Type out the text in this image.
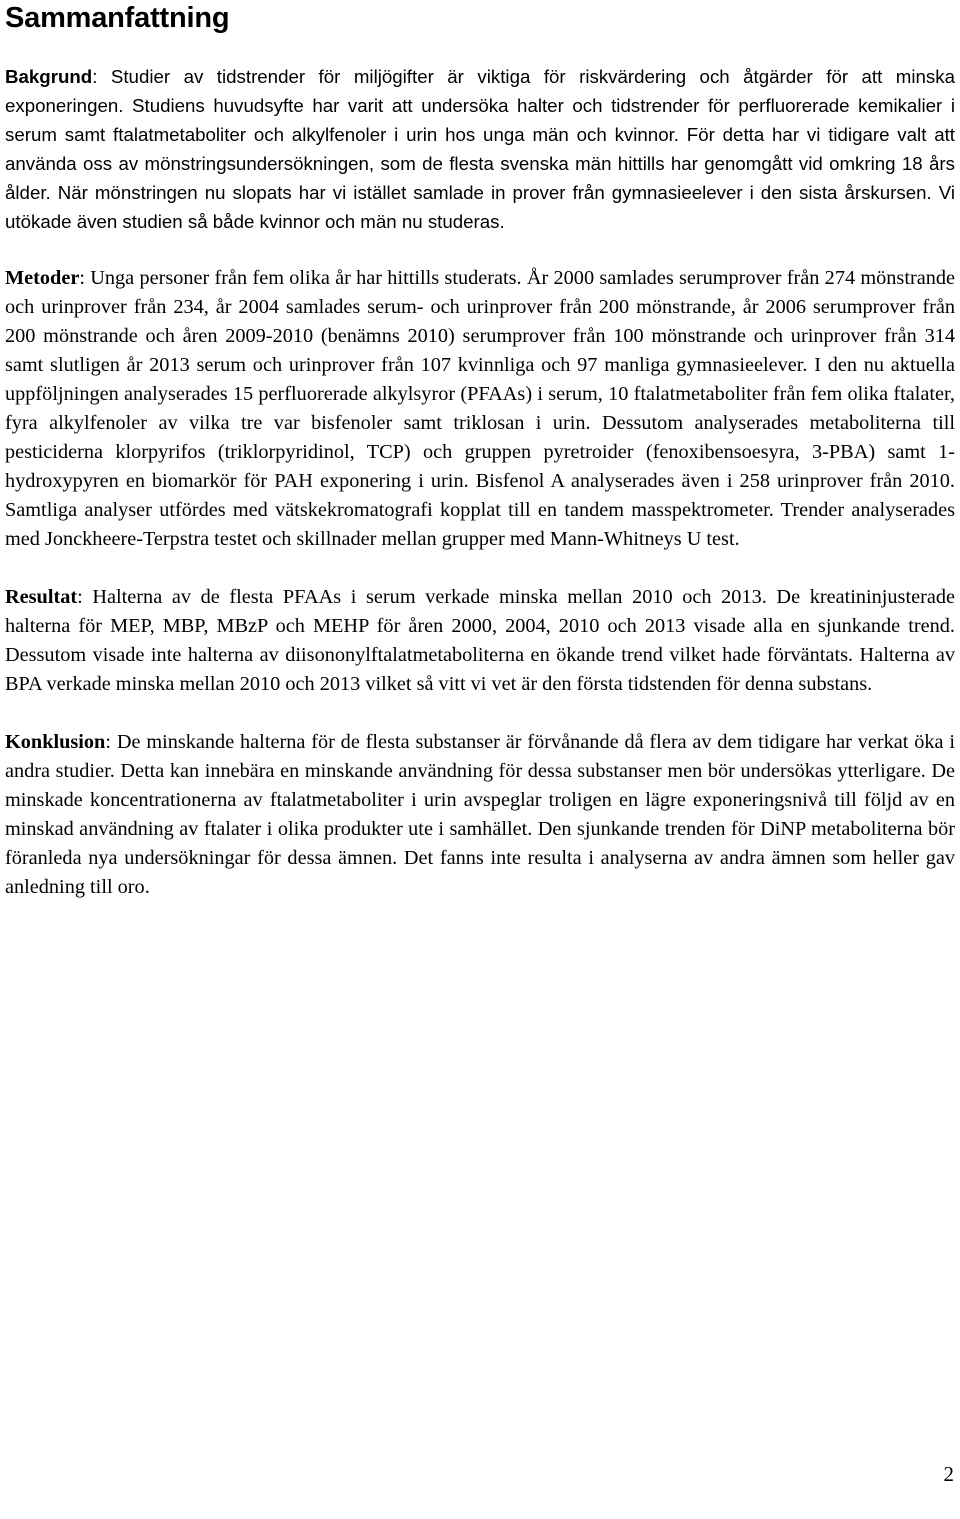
Sammanfattning

Bakgrund: Studier av tidstrender för miljögifter är viktiga för riskvärdering och åtgärder för att minska exponeringen. Studiens huvudsyfte har varit att undersöka halter och tidstrender för perfluorerade kemikalier i serum samt ftalatmetaboliter och alkylfenoler i urin hos unga män och kvinnor. För detta har vi tidigare valt att använda oss av mönstringsundersökningen, som de flesta svenska män hittills har genomgått vid omkring 18 års ålder. När mönstringen nu slopats har vi istället samlade in prover från gymnasieelever i den sista årskursen. Vi utökade även studien så både kvinnor och män nu studeras.

Metoder: Unga personer från fem olika år har hittills studerats. År 2000 samlades serumprover från 274 mönstrande och urinprover från 234, år 2004 samlades serum- och urinprover från 200 mönstrande, år 2006 serumprover från 200 mönstrande och åren 2009-2010 (benämns 2010) serumprover från 100 mönstrande och urinprover från 314 samt slutligen år 2013 serum och urinprover från 107 kvinnliga och 97 manliga gymnasieelever. I den nu aktuella uppföljningen analyserades 15 perfluorerade alkylsyror (PFAAs) i serum, 10 ftalatmetaboliter från fem olika ftalater, fyra alkylfenoler av vilka tre var bisfenoler samt triklosan i urin. Dessutom analyserades metaboliterna till pesticiderna klorpyrifos (triklorpyridinol, TCP) och gruppen pyretroider (fenoxibensoesyra, 3-PBA) samt 1-hydroxypyren en biomarkör för PAH exponering i urin. Bisfenol A analyserades även i 258 urinprover från 2010. Samtliga analyser utfördes med vätskekromatografi kopplat till en tandem masspektrometer. Trender analyserades med Jonckheere-Terpstra testet och skillnader mellan grupper med Mann-Whitneys U test.

Resultat: Halterna av de flesta PFAAs i serum verkade minska mellan 2010 och 2013. De kreatininjusterade halterna för MEP, MBP, MBzP och MEHP för åren 2000, 2004, 2010 och 2013 visade alla en sjunkande trend. Dessutom visade inte halterna av diisononylftalatmetaboliterna en ökande trend vilket hade förväntats. Halterna av BPA verkade minska mellan 2010 och 2013 vilket så vitt vi vet är den första tidstenden för denna substans.

Konklusion: De minskande halterna för de flesta substanser är förvånande då flera av dem tidigare har verkat öka i andra studier. Detta kan innebära en minskande användning för dessa substanser men bör undersökas ytterligare. De minskade koncentrationerna av ftalatmetaboliter i urin avspeglar troligen en lägre exponeringsnivå till följd av en minskad användning av ftalater i olika produkter ute i samhället. Den sjunkande trenden för DiNP metaboliterna bör föranleda nya undersökningar för dessa ämnen. Det fanns inte resulta i analyserna av andra ämnen som heller gav anledning till oro.

2
